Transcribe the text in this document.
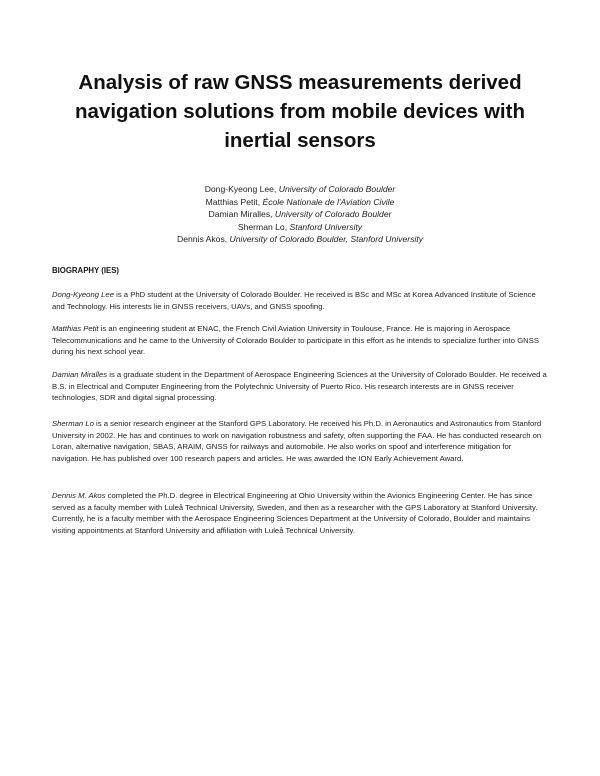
Analysis of raw GNSS measurements derived navigation solutions from mobile devices with inertial sensors
Dong-Kyeong Lee, University of Colorado Boulder
Matthias Petit, École Nationale de l'Aviation Civile
Damian Miralles, University of Colorado Boulder
Sherman Lo, Stanford University
Dennis Akos, University of Colorado Boulder, Stanford University
BIOGRAPHY (IES)

Dong-Kyeong Lee is a PhD student at the University of Colorado Boulder. He received is BSc and MSc at Korea Advanced Institute of Science and Technology. His interests lie in GNSS receivers, UAVs, and GNSS spoofing.

Matthias Petit is an engineering student at ENAC, the French Civil Aviation University in Toulouse, France. He is majoring in Aerospace Telecommunications and he came to the University of Colorado Boulder to participate in this effort as he intends to specialize further into GNSS during his next school year.

Damian Miralles is a graduate student in the Department of Aerospace Engineering Sciences at the University of Colorado Boulder. He received a B.S. in Electrical and Computer Engineering from the Polytechnic University of Puerto Rico. His research interests are in GNSS receiver technologies, SDR and digital signal processing.

Sherman Lo is a senior research engineer at the Stanford GPS Laboratory. He received his Ph.D. in Aeronautics and Astronautics from Stanford University in 2002. He has and continues to work on navigation robustness and safety, often supporting the FAA. He has conducted research on Loran, alternative navigation, SBAS, ARAIM, GNSS for railways and automobile. He also works on spoof and interference mitigation for navigation. He has published over 100 research papers and articles. He was awarded the ION Early Achievement Award.

Dennis M. Akos completed the Ph.D. degree in Electrical Engineering at Ohio University within the Avionics Engineering Center. He has since served as a faculty member with Luleå Technical University, Sweden, and then as a researcher with the GPS Laboratory at Stanford University. Currently, he is a faculty member with the Aerospace Engineering Sciences Department at the University of Colorado, Boulder and maintains visiting appointments at Stanford University and affiliation with Luleå Technical University.
